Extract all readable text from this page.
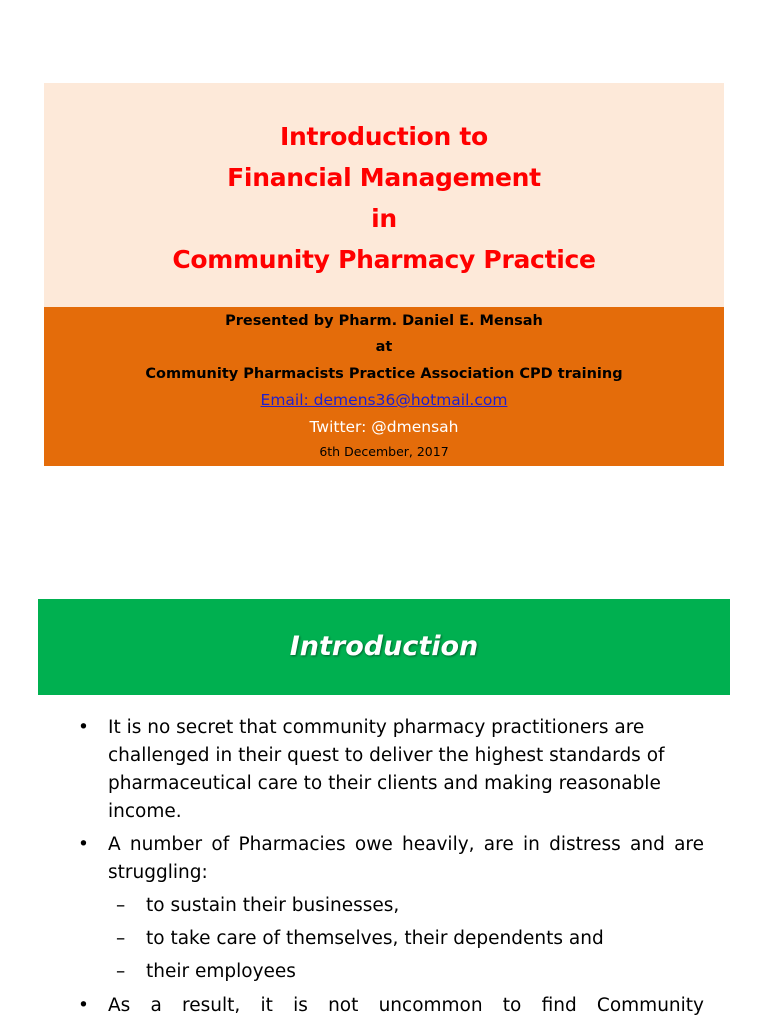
Introduction to
Financial Management
in
Community Pharmacy Practice
Presented by Pharm. Daniel E. Mensah
at
Community Pharmacists Practice Association CPD training
Email: demens36@hotmail.com
Twitter: @dmensah
6th December, 2017
Introduction
• It is no secret that community pharmacy practitioners are challenged in their quest to deliver the highest standards of pharmaceutical care to their clients and making reasonable income.
• A number of Pharmacies owe heavily, are in distress and are struggling:
– to sustain their businesses,
– to take care of themselves, their dependents and
– their employees
• As a result, it is not uncommon to find Community
